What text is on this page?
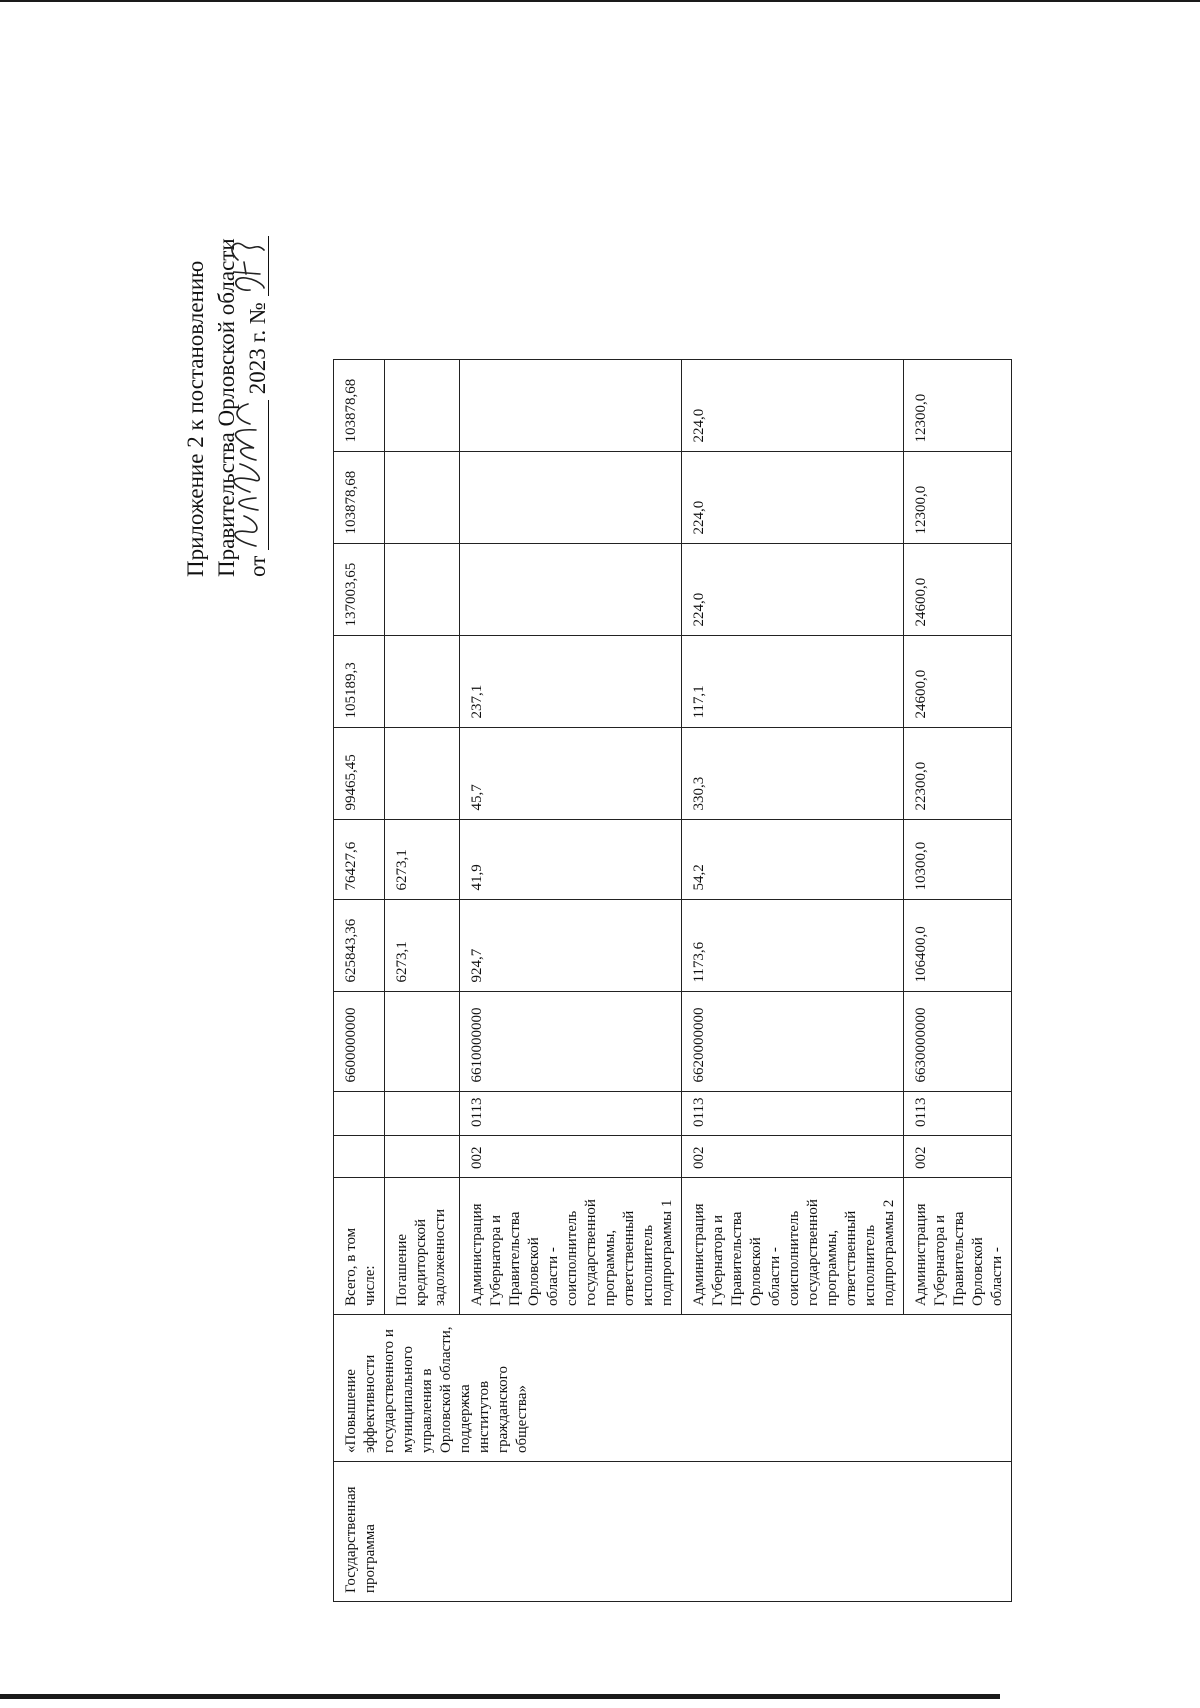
Приложение 2 к постановлению Правительства Орловской области от
2023 г. №
Государственная программа	«Повышение эффективности государственного и муниципального управления в Орловской области, поддержка институтов гражданского общества»	Всего, в том числе:			6600000000	625843,36	76427,6	99465,45	105189,3	137003,65	103878,68	103878,68
		Погашение кредиторской задолженности				6273,1	6273,1					
		Администрация Губернатора и Правительства Орловской области - соисполнитель государственной программы, ответственный исполнитель подпрограммы 1	002	0113	6610000000	924,7	41,9	45,7	237,1			
		Администрация Губернатора и Правительства Орловской области - соисполнитель государственной программы, ответственный исполнитель подпрограммы 2	002	0113	6620000000	1173,6	54,2	330,3	117,1	224,0	224,0	224,0
		Администрация Губернатора и Правительства Орловской области -	002	0113	6630000000	106400,0	10300,0	22300,0	24600,0	24600,0	12300,0	12300,0
